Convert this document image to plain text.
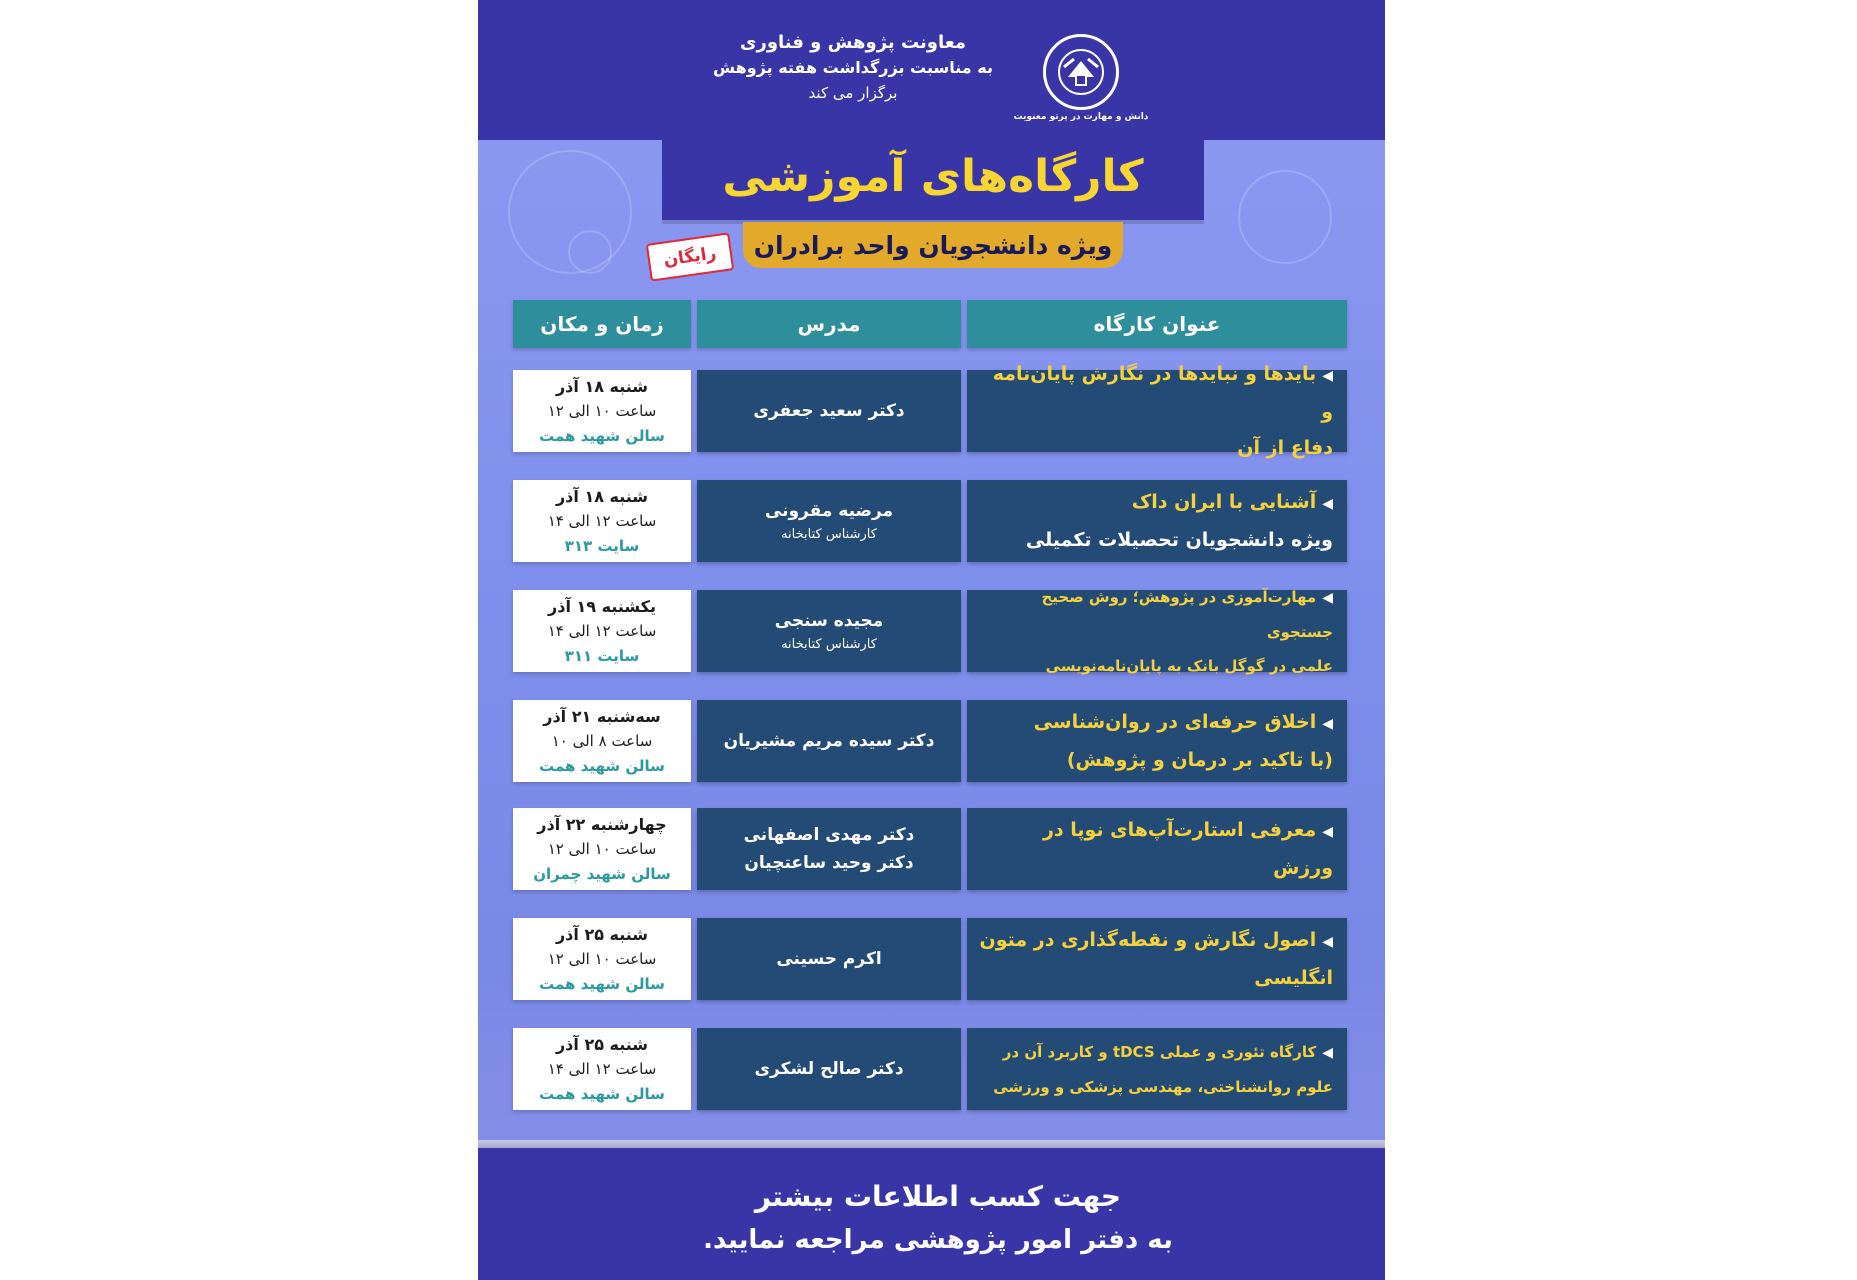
دانش و مهارت در پرتو معنویت
معاونت پژوهش و فناوری
به مناسبت بزرگداشت هفته پژوهش
برگزار می کند
کارگاه‌های آموزشی
ویژه دانشجویان واحد برادران
رایگان
عنوان کارگاه
مدرس
زمان و مکان
◀بایدها و نبایدها در نگارش پایان‌نامه و
دفاع از آن
دکتر سعید جعفری
شنبه ۱۸ آذر
ساعت ۱۰ الی ۱۲
سالن شهید همت
◀آشنایی با ایران داک
ویژه دانشجویان تحصیلات تکمیلی
مرضیه مقرونی
کارشناس کتابخانه
شنبه ۱۸ آذر
ساعت ۱۲ الی ۱۴
سایت ۳۱۳
◀مهارت‌آموزی در پژوهش؛ روش صحیح جستجوی
علمی در گوگل بانک به پایان‌نامه‌نویسی
مجیده سنجی
کارشناس کتابخانه
یکشنبه ۱۹ آذر
ساعت ۱۲ الی ۱۴
سایت ۳۱۱
◀اخلاق حرفه‌ای در روان‌شناسی
(با تاکید بر درمان و پژوهش)
دکتر سیده مریم مشیریان
سه‌شنبه ۲۱ آذر
ساعت ۸ الی ۱۰
سالن شهید همت
◀معرفی استارت‌آپ‌های نوپا در ورزش
دکتر مهدی اصفهانی
دکتر وحید ساعتچیان
چهارشنبه ۲۲ آذر
ساعت ۱۰ الی ۱۲
سالن شهید چمران
◀اصول نگارش و نقطه‌گذاری در متون
انگلیسی
اکرم حسینی
شنبه ۲۵ آذر
ساعت ۱۰ الی ۱۲
سالن شهید همت
◀کارگاه تئوری و عملی tDCS و کاربرد آن در
علوم روانشناختی، مهندسی پزشکی و ورزشی
دکتر صالح لشکری
شنبه ۲۵ آذر
ساعت ۱۲ الی ۱۴
سالن شهید همت
جهت کسب اطلاعات بیشتر
به دفتر امور پژوهشی مراجعه نمایید.
